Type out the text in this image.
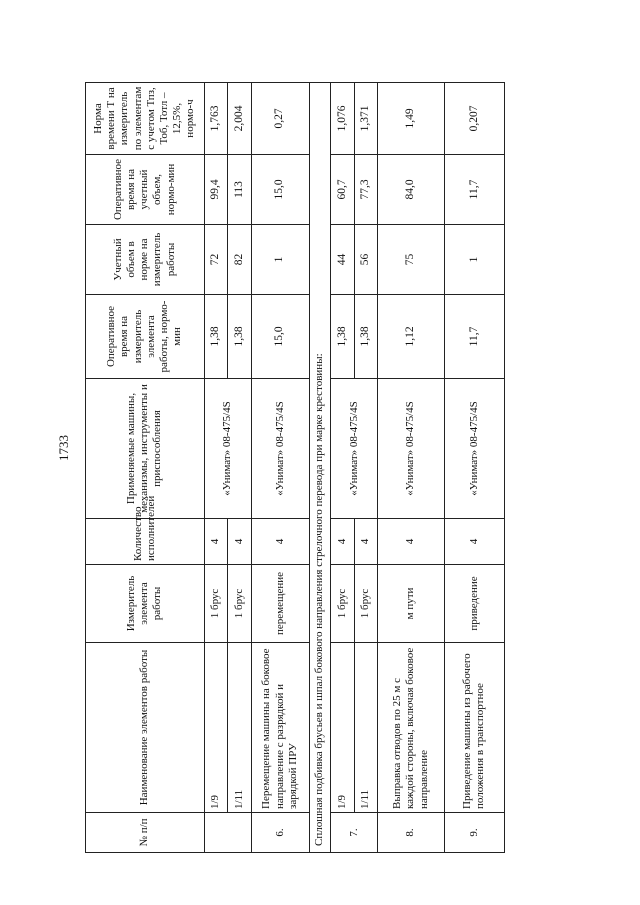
1733
№ п/п	Наименование элементов работы	Измеритель элемента работы	Количество исполнителей	Применяемые машины, механизмы, инструменты и приспособления	Оперативное время на измеритель элемента работы, нормо-мин	Учетный объем в норме на измеритель работы	Оперативное время на учетный объем, нормо-мин	Норма времени Т на измеритель по элементам с учетом Тпз, Тоб, Тотл – 12,5%, нормо-ч
	1/9	1 брус	4	«Унимат» 08-475/4S	1,38	72	99,4	1,763
	1/11	1 брус	4		1,38	82	113	2,004
6.	Перемещение машины на боковое направление с разрядкой и зарядкой ПРУ	перемещение	4	«Унимат» 08-475/4S	15,0	1	15,0	0,27
Сплошная подбивка брусьев и шпал бокового направления стрелочного перевода при марке крестовины:								
7.	1/9	1 брус	4	«Унимат» 08-475/4S	1,38	44	60,7	1,076
	1/11	1 брус	4		1,38	56	77,3	1,371
8.	Выправка отводов по 25 м с каждой стороны, включая боковое направление	м пути	4	«Унимат» 08-475/4S	1,12	75	84,0	1,49
9.	Приведение машины из рабочего положения в транспортное	приведение	4	«Унимат» 08-475/4S	11,7	1	11,7	0,207
